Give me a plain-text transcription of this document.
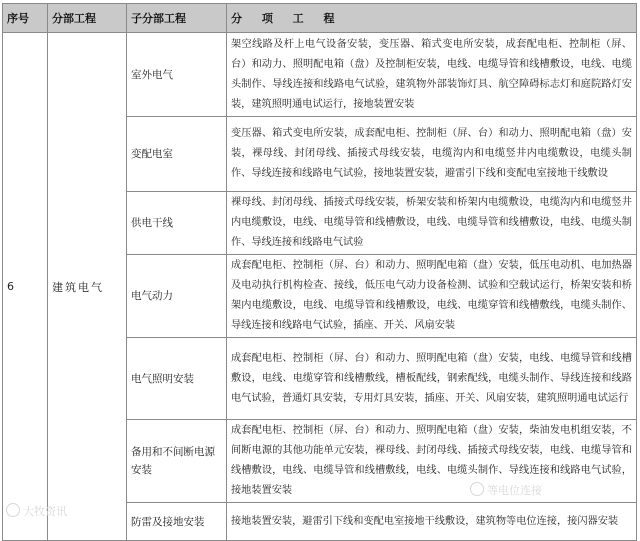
序号	分部工程	子分部工程	分 项 工 程
6	建筑电气	室外电气	架空线路及杆上电气设备安装，变压器、箱式变电所安装，成套配电柜、控制柜（屏、台）和动力、照明配电箱（盘）及控制柜安装，电线、电缆导管和线槽敷设，电线、电缆头制作、导线连接和线路电气试验，建筑物外部装饰灯具、航空障碍标志灯和庭院路灯安装，建筑照明通电试运行，接地装置安装
		变配电室	变压器、箱式变电所安装，成套配电柜、控制柜（屏、台）和动力、照明配电箱（盘）安装，裸母线、封闭母线、插接式母线安装，电缆沟内和电缆竖井内电缆敷设，电缆头制作、导线连接和线路电气试验，接地装置安装，避雷引下线和变配电室接地干线敷设
		供电干线	裸母线、封闭母线、插接式母线安装，桥架安装和桥架内电缆敷设，电缆沟内和电缆竖井内电缆敷设，电线、电缆导管和线槽敷设，电线、电缆导管和线槽敷设，电线、电缆头制作、导线连接和线路电气试验
		电气动力	成套配电柜、控制柜（屏、台）和动力、照明配电箱（盘）安装，低压电动机、电加热器及电动执行机构检查、接线，低压电气动力设备检测、试验和空载试运行，桥架安装和桥架内电缆敷设，电线、电缆导管和线槽敷设，电线、电缆穿管和线槽敷线，电缆头制作、导线连接和线路电气试验，插座、开关、风扇安装
		电气照明安装	成套配电柜、控制柜（屏、台）和动力、照明配电箱（盘）安装，电线、电缆导管和线槽敷设，电线、电缆穿管和线槽敷线，槽板配线，钢索配线，电缆头制作、导线连接和线路电气试验，普通灯具安装，专用灯具安装，插座、开关、风扇安装，建筑照明通电试运行
		备用和不间断电源安装	成套配电柜、控制柜（屏、台）和动力、照明配电箱（盘）安装，柴油发电机组安装，不间断电源的其他功能单元安装，裸母线、封闭母线、插接式母线安装，电线、电缆导管和线槽敷设，电线、电缆导管和线槽敷线，电线、电缆头制作、导线连接和线路电气试验，接地装置安装
		防雷及接地安装	接地装置安装，避雷引下线和变配电室接地干线敷设，建筑物等电位连接，接闪器安装
大牧资讯
等电位连接
